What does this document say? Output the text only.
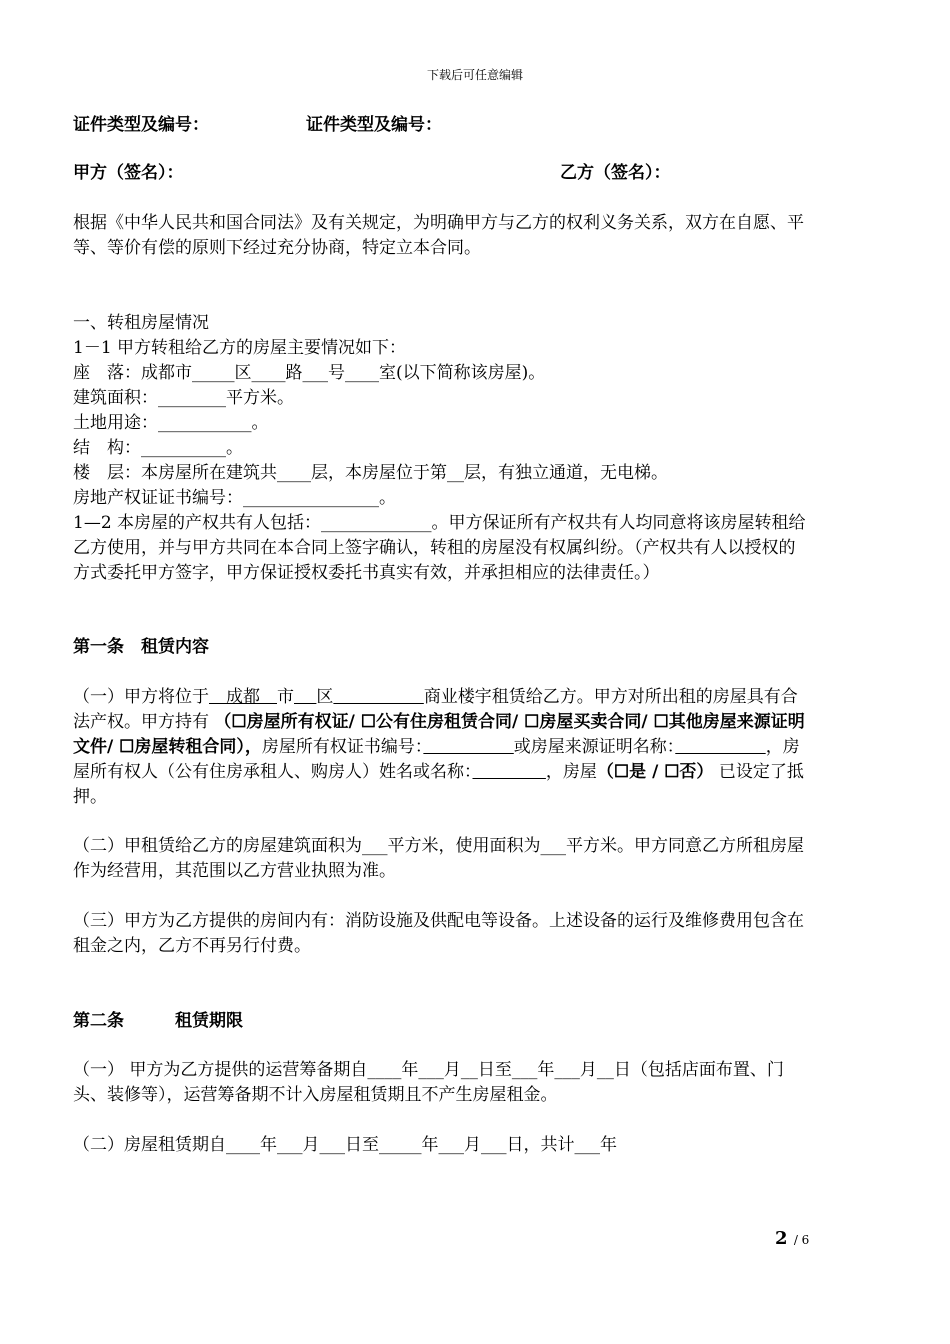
下载后可任意编辑
证件类型及编号：	证件类型及编号：
甲方（签名）：	乙方（签名）：
根据《中华人民共和国合同法》及有关规定，为明确甲方与乙方的权利义务关系，双方在自愿、平等、等价有偿的原则下经过充分协商，特定立本合同。
一、转租房屋情况
1－1 甲方转租给乙方的房屋主要情况如下：
座　落：成都市_____区____路___号____室(以下简称该房屋)。
建筑面积：________平方米。
土地用途：___________。
结　构：__________。
楼　层：本房屋所在建筑共____层，本房屋位于第__层，有独立通道，无电梯。
房地产权证证书编号：________________。
1—2 本房屋的产权共有人包括：_____________。甲方保证所有产权共有人均同意将该房屋转租给乙方使用，并与甲方共同在本合同上签字确认，转租的房屋没有权属纠纷。（产权共有人以授权的方式委托甲方签字，甲方保证授权委托书真实有效，并承担相应的法律责任。）
第一条　租赁内容
（一）甲方将位于　成都　 市　 区　　　　　	商业楼宇租赁给乙方。甲方对所出租的房屋具有合法产权。甲方持有 （☐房屋所有权证/ ☐公有住房租赁合同/ ☐房屋买卖合同/ ☐其他房屋来源证明文件/ ☐房屋转租合同），房屋所有权证书编号：　　　　　	或房屋来源证明名称：　　　　　	，房屋所有权人（公有住房承租人、购房人）姓名或名称：　　　　	，房屋（☐是 / ☐否） 已设定了抵押。
（二）甲租赁给乙方的房屋建筑面积为___平方米，使用面积为___平方米。甲方同意乙方所租房屋作为经营用，其范围以乙方营业执照为准。
（三）甲方为乙方提供的房间内有：消防设施及供配电等设备。上述设备的运行及维修费用包含在租金之内，乙方不再另行付费。
第二条　　　租赁期限
（一） 甲方为乙方提供的运营筹备期自____年___月__日至___年___月__日（包括店面布置、门头、装修等），运营筹备期不计入房屋租赁期且不产生房屋租金。
（二）房屋租赁期自____年___月___日至_____年___月___日，共计___年
2 / 6
